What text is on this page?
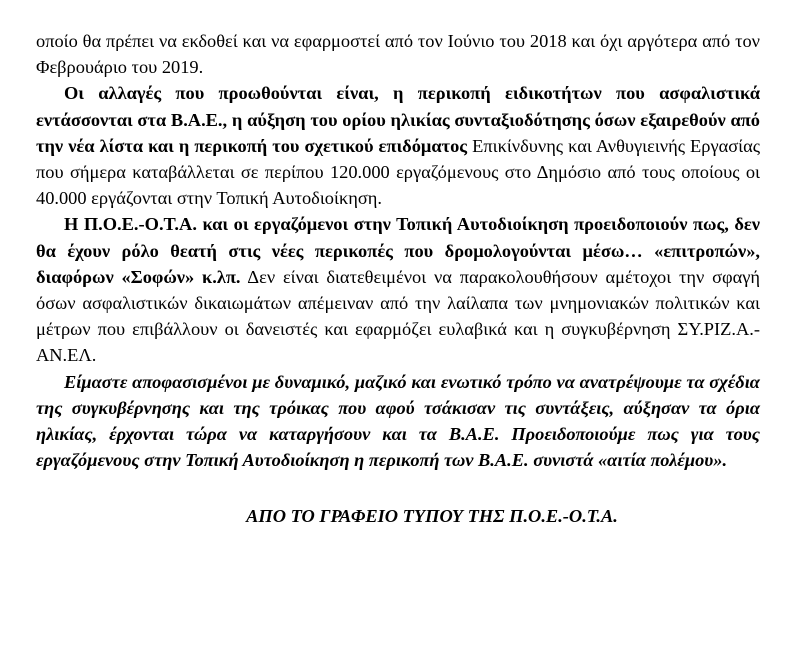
οποίο θα πρέπει να εκδοθεί και να εφαρμοστεί από τον Ιούνιο του 2018 και όχι αργότερα από τον Φεβρουάριο του 2019.

Οι αλλαγές που προωθούνται είναι, η περικοπή ειδικοτήτων που ασφαλιστικά εντάσσονται στα Β.Α.Ε., η αύξηση του ορίου ηλικίας συνταξιοδότησης όσων εξαιρεθούν από την νέα λίστα και η περικοπή του σχετικού επιδόματος Επικίνδυνης και Ανθυγιεινής Εργασίας που σήμερα καταβάλλεται σε περίπου 120.000 εργαζόμενους στο Δημόσιο από τους οποίους οι 40.000 εργάζονται στην Τοπική Αυτοδιοίκηση.

Η Π.Ο.Ε.-Ο.Τ.Α. και οι εργαζόμενοι στην Τοπική Αυτοδιοίκηση προειδοποιούν πως, δεν θα έχουν ρόλο θεατή στις νέες περικοπές που δρομολογούνται μέσω… «επιτροπών», διαφόρων «Σοφών» κ.λπ. Δεν είναι διατεθειμένοι να παρακολουθήσουν αμέτοχοι την σφαγή όσων ασφαλιστικών δικαιωμάτων απέμειναν από την λαίλαπα των μνημονιακών πολιτικών και μέτρων που επιβάλλουν οι δανειστές και εφαρμόζει ευλαβικά και η συγκυβέρνηση ΣΥ.ΡΙΖ.Α.-ΑΝ.ΕΛ.

Είμαστε αποφασισμένοι με δυναμικό, μαζικό και ενωτικό τρόπο να ανατρέψουμε τα σχέδια της συγκυβέρνησης και της τρόικας που αφού τσάκισαν τις συντάξεις, αύξησαν τα όρια ηλικίας, έρχονται τώρα να καταργήσουν και τα Β.Α.Ε. Προειδοποιούμε πως για τους εργαζόμενους στην Τοπική Αυτοδιοίκηση η περικοπή των Β.Α.Ε. συνιστά «αιτία πολέμου».

ΑΠΟ ΤΟ ΓΡΑΦΕΙΟ ΤΥΠΟΥ ΤΗΣ Π.Ο.Ε.-Ο.Τ.Α.
